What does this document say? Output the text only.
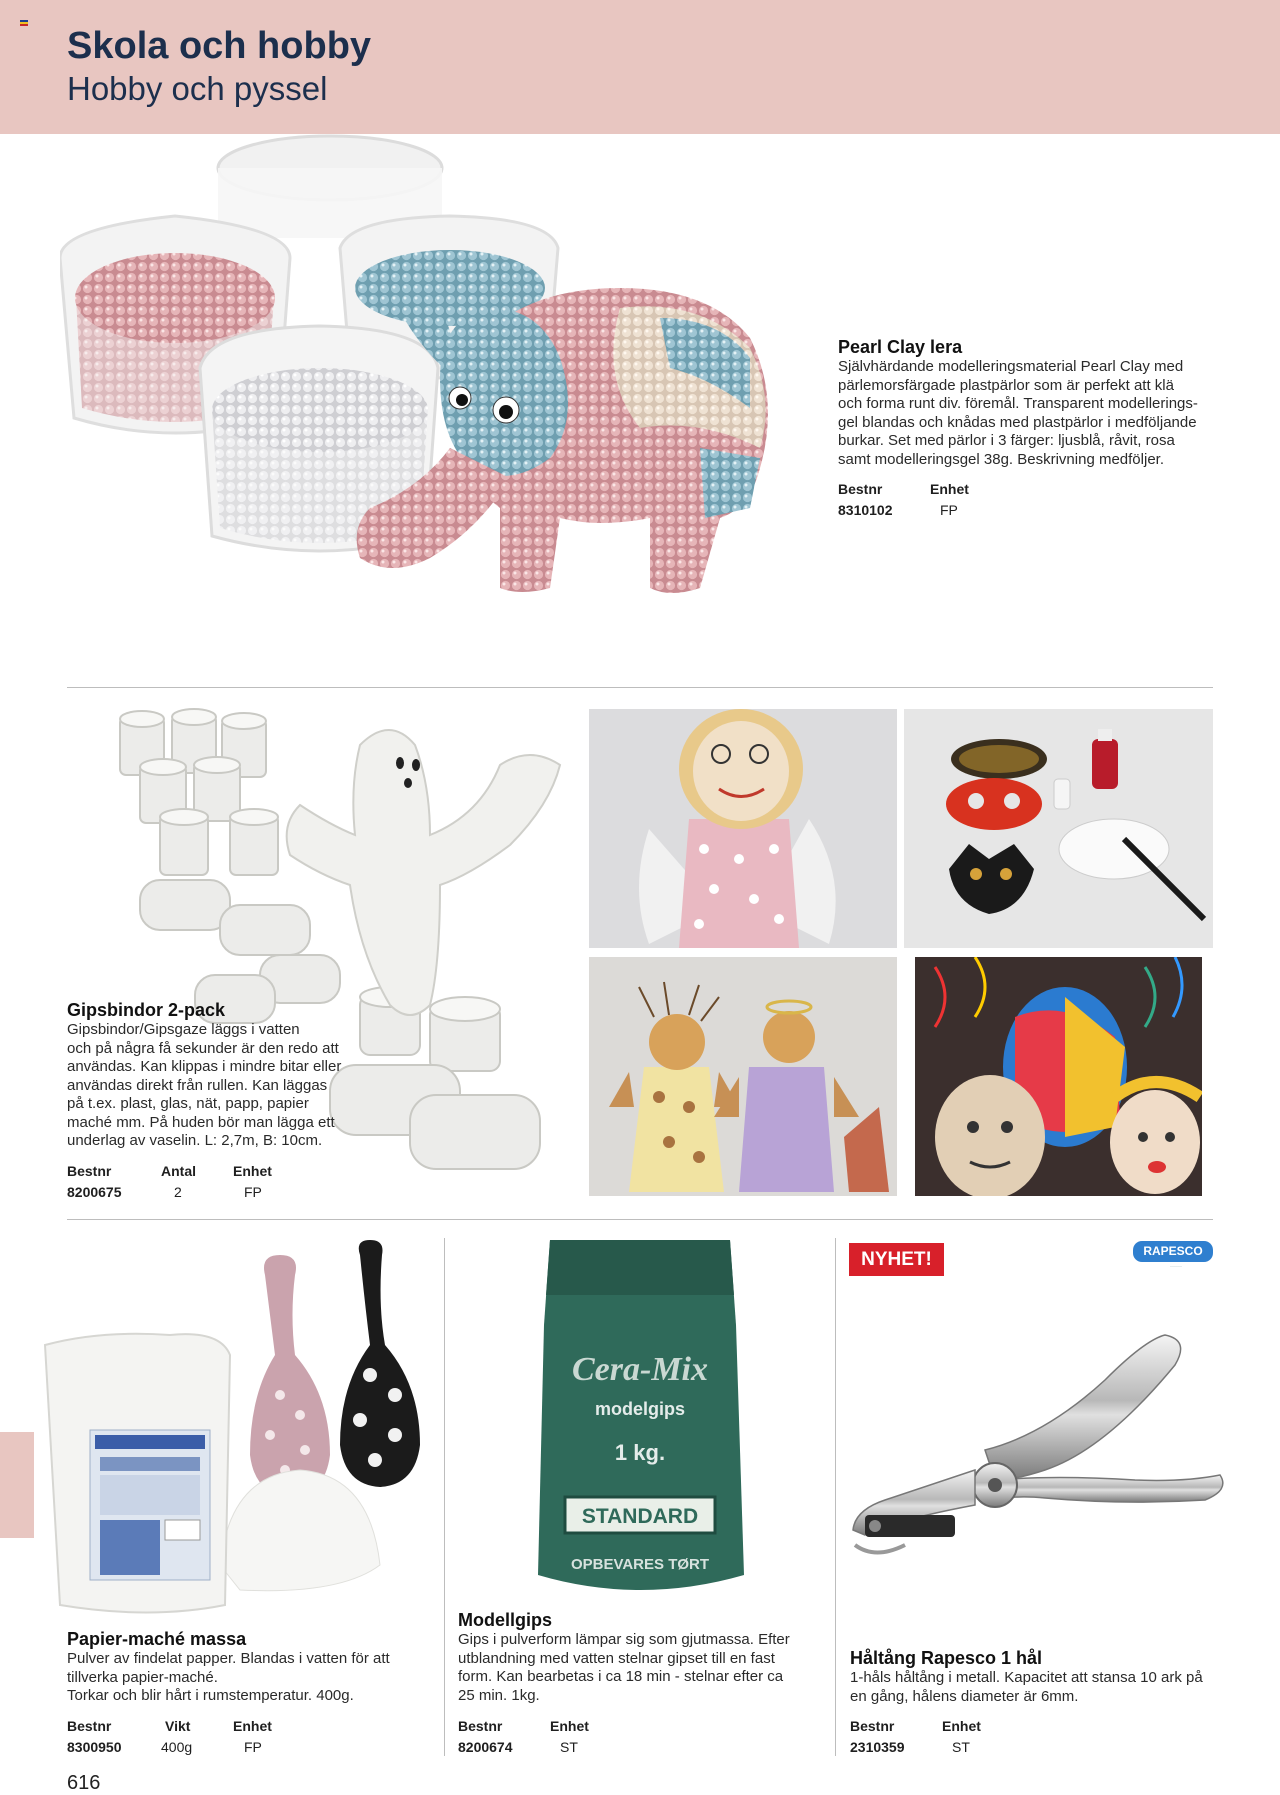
Skola och hobby
Hobby och pyssel
Pearl Clay lera
Självhärdande modelleringsmaterial Pearl Clay med
pärlemorsfärgade plastpärlor som är perfekt att klä
och forma runt div. föremål. Transparent modellerings-
gel blandas och knådas med plastpärlor i medföljande
burkar. Set med pärlor i 3 färger: ljusblå, råvit, rosa
samt modelleringsgel 38g. Beskrivning medföljer.
Bestnr	Enhet
8310102	FP
Gipsbindor 2-pack
Gipsbindor/Gipsgaze läggs i vatten
och på några få sekunder är den redo att
användas. Kan klippas i mindre bitar eller
användas direkt från rullen. Kan läggas
på t.ex. plast, glas, nät, papp, papier
maché mm. På huden bör man lägga ett
underlag av vaselin. L: 2,7m, B: 10cm.
Bestnr	Antal	Enhet
8200675	2	FP
Papier-maché massa
Pulver av findelat papper. Blandas i vatten för att
tillverka papier-maché.
Torkar och blir hårt i rumstemperatur. 400g.
Bestnr	Vikt	Enhet
8300950	400g	FP
Cera-Mix
modelgips
1 kg.
STANDARD
OPBEVARES TØRT
Modellgips
Gips i pulverform lämpar sig som gjutmassa. Efter
utblandning med vatten stelnar gipset till en fast
form. Kan bearbetas i ca 18 min - stelnar efter ca
25 min. 1kg.
Bestnr	Enhet
8200674	ST
NYHET!	RAPESCO
······
Håltång Rapesco 1 hål
1-håls håltång i metall. Kapacitet att stansa 10 ark på
en gång, hålens diameter är 6mm.
Bestnr	Enhet
2310359	ST
616
